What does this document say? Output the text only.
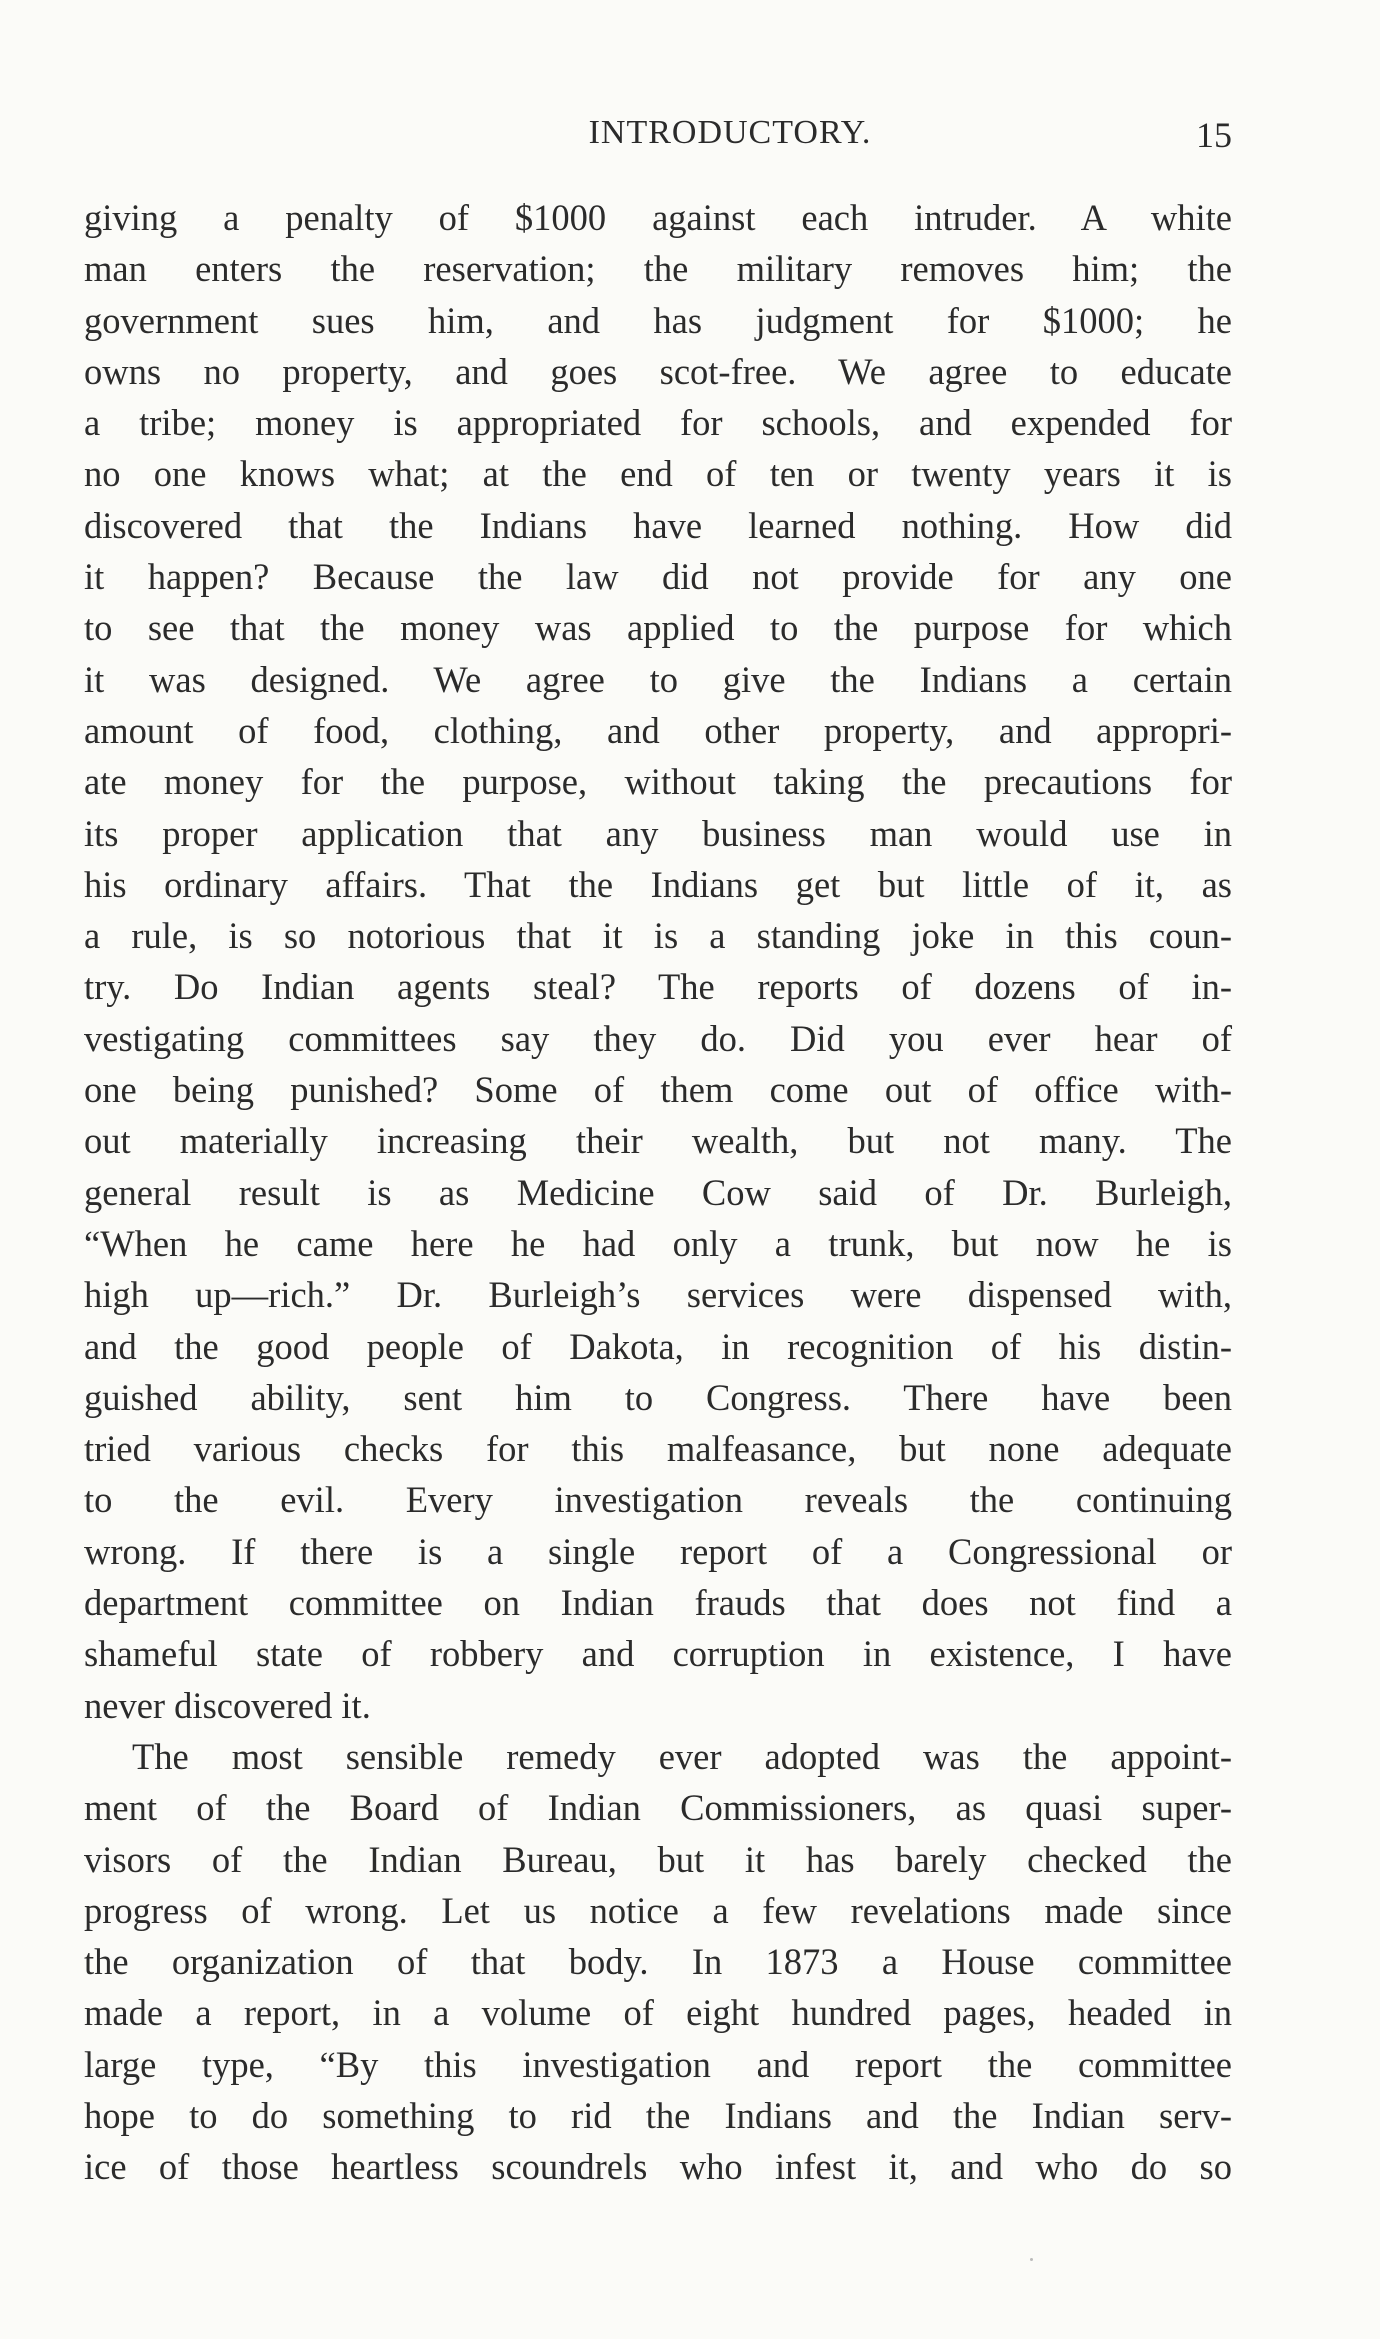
INTRODUCTORY.	15
giving a penalty of $1000 against each intruder. A white
man enters the reservation; the military removes him; the
government sues him, and has judgment for $1000; he
owns no property, and goes scot-free. We agree to educate
a tribe; money is appropriated for schools, and expended for
no one knows what; at the end of ten or twenty years it is
discovered that the Indians have learned nothing. How did
it happen? Because the law did not provide for any one
to see that the money was applied to the purpose for which
it was designed. We agree to give the Indians a certain
amount of food, clothing, and other property, and appropri-
ate money for the purpose, without taking the precautions for
its proper application that any business man would use in
his ordinary affairs. That the Indians get but little of it, as
a rule, is so notorious that it is a standing joke in this coun-
try. Do Indian agents steal? The reports of dozens of in-
vestigating committees say they do. Did you ever hear of
one being punished? Some of them come out of office with-
out materially increasing their wealth, but not many. The
general result is as Medicine Cow said of Dr. Burleigh,
“When he came here he had only a trunk, but now he is
high up—rich.” Dr. Burleigh’s services were dispensed with,
and the good people of Dakota, in recognition of his distin-
guished ability, sent him to Congress. There have been
tried various checks for this malfeasance, but none adequate
to the evil. Every investigation reveals the continuing
wrong. If there is a single report of a Congressional or
department committee on Indian frauds that does not find a
shameful state of robbery and corruption in existence, I have
never discovered it.
The most sensible remedy ever adopted was the appoint-
ment of the Board of Indian Commissioners, as quasi super-
visors of the Indian Bureau, but it has barely checked the
progress of wrong. Let us notice a few revelations made since
the organization of that body. In 1873 a House committee
made a report, in a volume of eight hundred pages, headed in
large type, “By this investigation and report the committee
hope to do something to rid the Indians and the Indian serv-
ice of those heartless scoundrels who infest it, and who do so
